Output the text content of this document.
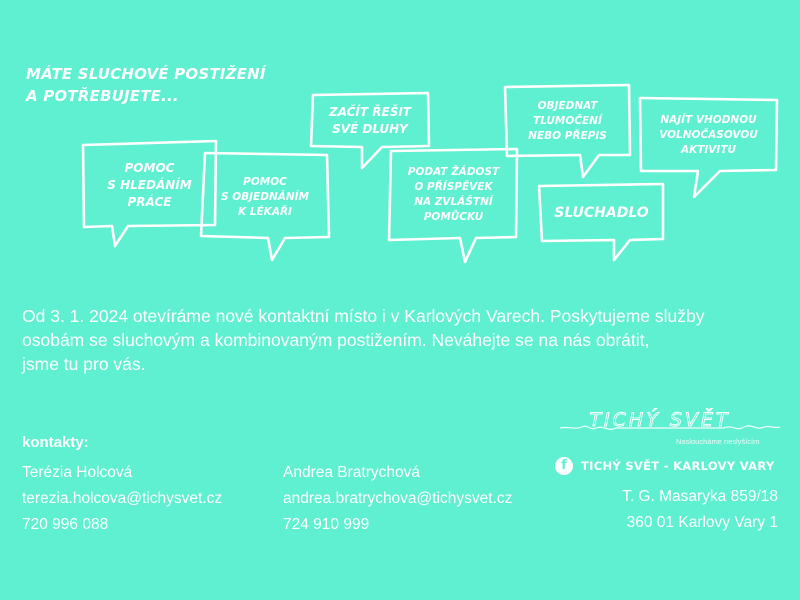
MÁTE SLUCHOVÉ POSTIŽENÍ
A POTŘEBUJETE...
POMOC
S HLEDÁNÍM
PRÁCE
POMOC
S OBJEDNÁNÍM
K LÉKAŘI
ZAČÍT ŘEŠIT
SVÉ DLUHY
PODAT ŽÁDOST
O PŘÍSPĚVEK
NA ZVLÁŠTNÍ
POMŮCKU
OBJEDNAT
TLUMOČENÍ
NEBO PŘEPIS
SLUCHADLO
NAJÍT VHODNOU
VOLNOČASOVOU
AKTIVITU
Od 3. 1. 2024 otevíráme nové kontaktní místo i v Karlových Varech. Poskytujeme služby
osobám se sluchovým a kombinovaným postižením. Neváhejte se na nás obrátit,
jsme tu pro vás.
kontakty:
Terézia Holcová
terezia.holcova@tichysvet.cz
720 996 088
Andrea Bratrychová
andrea.bratrychova@tichysvet.cz
724 910 999
TICHÝ SVĚT
Nasloucháme neslyšícím
f	TICHÝ SVĚT - KARLOVY VARY
T. G. Masaryka 859/18
360 01 Karlovy Vary 1
